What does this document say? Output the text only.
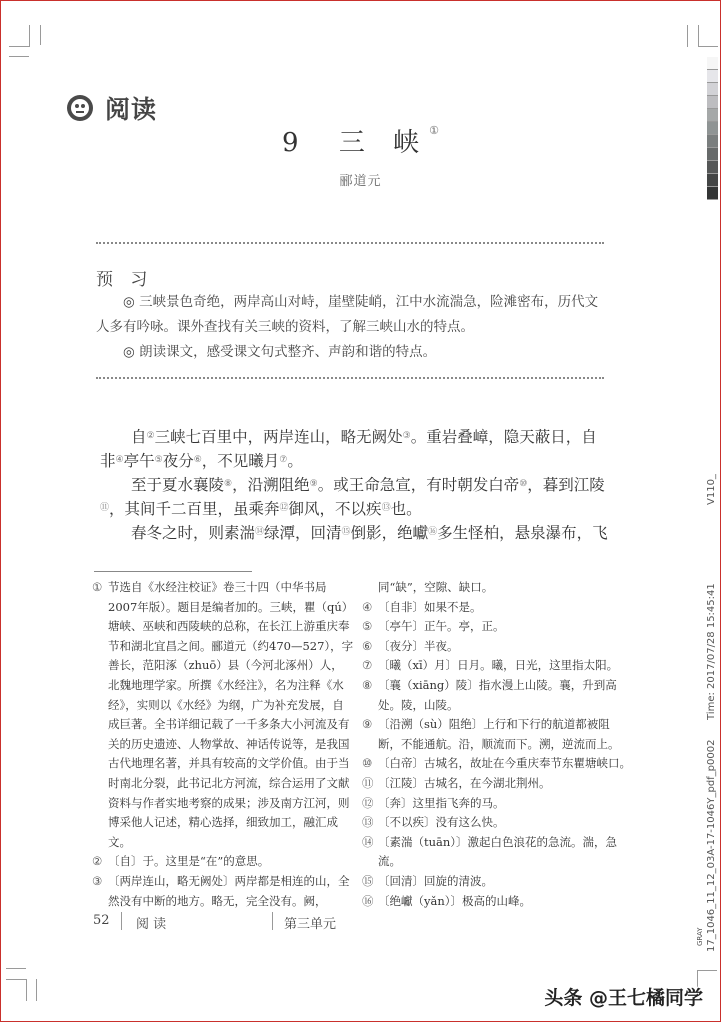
阅读
9 三 峡 ①
郦道元
预 习

◎ 三峡景色奇绝，两岸高山对峙，崖壁陡峭，江中水流湍急，险滩密布，历代文人多有吟咏。课外查找有关三峡的资料，了解三峡山水的特点。

◎ 朗读课文，感受课文句式整齐、声韵和谐的特点。

自②三峡七百里中，两岸连山，略无阙处③。重岩叠嶂，隐天蔽日，自非④亭午⑤夜分⑥，不见曦月⑦。

至于夏水襄陵⑧，沿溯阻绝⑨。或王命急宣，有时朝发白帝⑩，暮到江陵⑪，其间千二百里，虽乘奔⑫御风，不以疾⑬也。

春冬之时，则素湍⑭绿潭，回清⑮倒影，绝巘⑯多生怪柏，悬泉瀑布，飞

① 节选自《水经注校证》卷三十四（中华书局2007年版）。题目是编者加的。三峡，瞿（qú）塘峡、巫峡和西陵峡的总称，在长江上游重庆奉节和湖北宜昌之间。郦道元（约470—527），字善长，范阳涿（zhuō）县（今河北涿州）人，北魏地理学家。所撰《水经注》，名为注释《水经》，实则以《水经》为纲，广为补充发展，自成巨著。全书详细记载了一千多条大小河流及有关的历史遗迹、人物掌故、神话传说等，是我国古代地理名著，并具有较高的文学价值。由于当时南北分裂，此书记北方河流，综合运用了文献资料与作者实地考察的成果；涉及南方江河，则博采他人记述，精心选择，细致加工，融汇成文。
② 〔自〕于。这里是“在”的意思。
③ 〔两岸连山，略无阙处〕两岸都是相连的山，全然没有中断的地方。略无，完全没有。阙，
同“缺”，空隙、缺口。
④ 〔自非〕如果不是。
⑤ 〔亭午〕正午。亭，正。
⑥ 〔夜分〕半夜。
⑦ 〔曦（xī）月〕日月。曦，日光，这里指太阳。
⑧ 〔襄（xiāng）陵〕指水漫上山陵。襄，升到高处。陵，山陵。
⑨ 〔沿溯（sù）阻绝〕上行和下行的航道都被阻断，不能通航。沿，顺流而下。溯，逆流而上。
⑩ 〔白帝〕古城名，故址在今重庆奉节东瞿塘峡口。
⑪ 〔江陵〕古城名，在今湖北荆州。
⑫ 〔奔〕这里指飞奔的马。
⑬ 〔不以疾〕没有这么快。
⑭ 〔素湍（tuān）〕激起白色浪花的急流。湍，急流。
⑮ 〔回清〕回旋的清波。
⑯ 〔绝巘（yǎn）〕极高的山峰。
52 阅 读	第三单元
V110_
Time: 2017/07/28 15:45:41
17_1046_11_12_03A-17-1046Y_pdf_p0002
GRAY
头条 @王七橘同学
